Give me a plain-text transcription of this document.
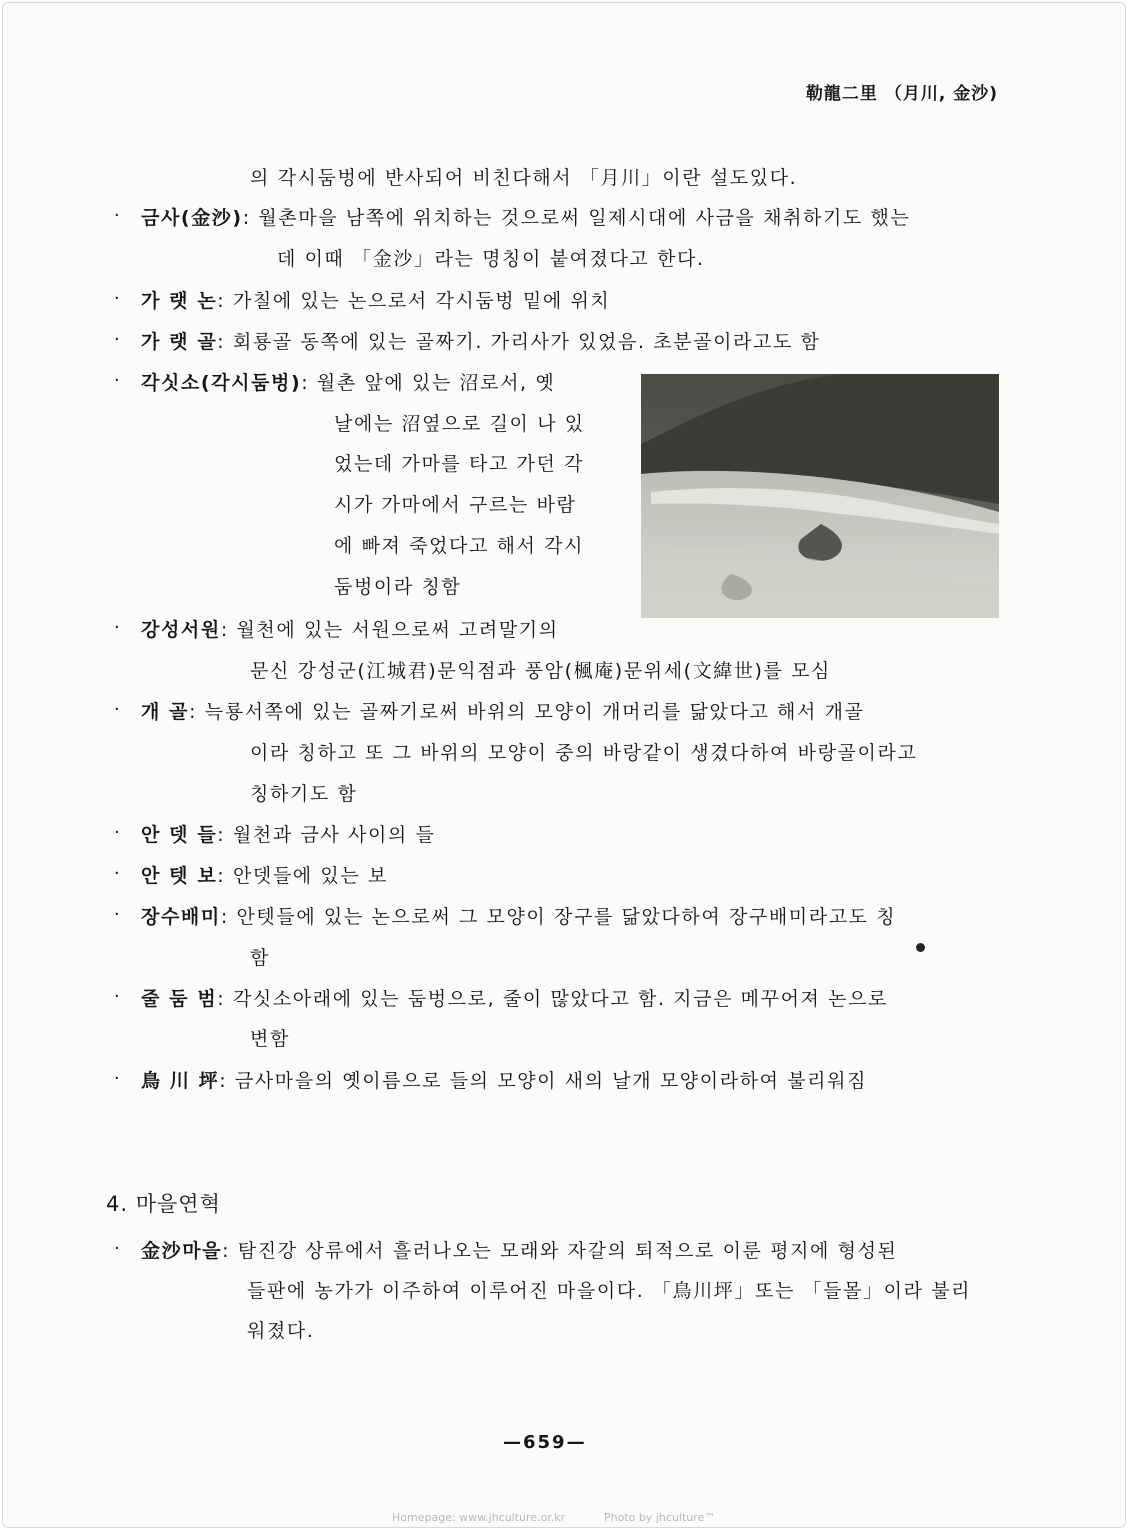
勒龍二里 （月川, 金沙)
의 각시둠벙에 반사되어 비친다해서 「月川」이란 설도있다.
· 금사(金沙): 월촌마을 남쪽에 위치하는 것으로써 일제시대에 사금을 채취하기도 했는
데 이때 「金沙」라는 명칭이 붙여졌다고 한다.
· 가 랫 논: 가칠에 있는 논으로서 각시둠벙 밑에 위치
· 가 랫 골: 회룡골 동쪽에 있는 골짜기. 가리사가 있었음. 초분골이라고도 함
· 각싯소(각시둠벙): 월촌 앞에 있는 沼로서, 옛
날에는 沼옆으로 길이 나 있
었는데 가마를 타고 가던 각
시가 가마에서 구르는 바람
에 빠져 죽었다고 해서 각시
둠벙이라 칭함
· 강성서원: 월천에 있는 서원으로써 고려말기의
문신 강성군(江城君)문익점과 풍암(楓庵)문위세(文緯世)를 모심
· 개 골: 늑룡서쪽에 있는 골짜기로써 바위의 모양이 개머리를 닮았다고 해서 개골
이라 칭하고 또 그 바위의 모양이 중의 바랑같이 생겼다하여 바랑골이라고
칭하기도 함
· 안 뎃 들: 월천과 금사 사이의 들
· 안 텟 보: 안뎃들에 있는 보
· 장수배미: 안텟들에 있는 논으로써 그 모양이 장구를 닮았다하여 장구배미라고도 칭
함
· 줄 둠 범: 각싯소아래에 있는 둠벙으로, 줄이 많았다고 함. 지금은 메꾸어져 논으로
변함
· 鳥 川 坪: 금사마을의 옛이름으로 들의 모양이 새의 날개 모양이라하여 불리워짐
4. 마을연혁
· 金沙마을: 탐진강 상류에서 흘러나오는 모래와 자갈의 퇴적으로 이룬 평지에 형성된
들판에 농가가 이주하여 이루어진 마을이다. 「鳥川坪」또는 「들몰」이라 불리
워졌다.
—659—
Homepage: www.jhculture.or.kr	Photo by jhculture™
